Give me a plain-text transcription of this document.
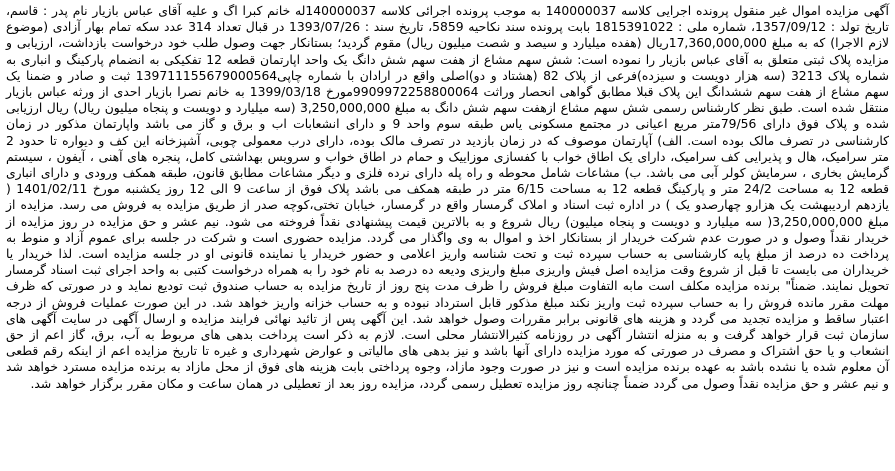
آگهی مزایده اموال غیر منقول پرونده اجرایی کلاسه 140000037 به موجب پرونده اجرائی کلاسه 140000037له خانم کبرا اگ و علیه آقای عباس بازیار نام پدر : قاسم، تاریخ تولد : 1357/09/12، شماره ملی : 1815391022 بابت پرونده سند نکاحیه 5859، تاریخ سند : 1393/07/26 در قبال تعداد 314 عدد سکه تمام بهار آزادی (موضوع لازم الاجرا) که به مبلغ 17,360,000,000ریال (هفده میلیارد و سیصد و شصت میلیون ریال) مقوم گردید؛ بستانکار جهت وصول طلب خود درخواست بازداشت، ارزیابی و مزایده پلاک ثبتی متعلق به آقای عباس بازیار را نموده است: شش سهم مشاع از هفت سهم شش دانگ یک واحد اپارتمان قطعه 12 تفکیکی به انضمام پارکینگ و انباری به شماره پلاک 3213 (سه هزار دویست و سیزده)فرعی از پلاک 82 (هشتاد و دو)اصلی واقع در ارادان با شماره چاپی139711155679000564 ثبت و صادر و ضمنا یک سهم مشاع از هفت سهم ششدانگ این پلاک قبلا مطابق گواهی انحصار وراثت 9909972258800064مورخ 1399/03/18 به خانم نصرا بازیار احدی از ورثه عباس بازیار منتقل شده است. طبق نظر کارشناس رسمی شش سهم مشاع ازهفت سهم شش دانگ به مبلغ 3,250,000,000 (سه میلیارد و دویست و پنجاه میلیون ریال) ریال ارزیابی شده و پلاک فوق دارای 79/56متر مربع اعیانی در مجتمع مسکونی یاس طبقه سوم واحد 9 و دارای انشعابات اب و برق و گاز می باشد واپارتمان مذکور در زمان کارشناسی در تصرف مالک بوده است. الف) آپارتمان موصوف که در زمان بازدید در تصرف مالک بوده، دارای درب معمولی چوبی، آشپزخانه این کف و دیواره تا حدود 2 متر سرامیک، هال و پذیرایی کف سرامیک، دارای یک اطاق خواب با کفسازی موزاییک و حمام در اطاق خواب و سرویس بهداشتی کامل، پنجره های آهنی ، آیفون ، سیستم گرمایش بخاری ، سرمایش کولر آبی می باشد. ب) مشاعات شامل محوطه و راه پله دارای نرده فلزی و دیگر مشاعات مطابق قانون، طبقه همکف ورودی و دارای انباری قطعه 12 به مساحت 24/2 متر و پارکینگ قطعه 12 به مساحت 6/15 متر در طبقه همکف می باشد پلاک فوق از ساعت 9 الی 12 روز یکشنبه مورخ 1401/02/11 ( یازدهم اردیبهشت یک هزارو چهارصدو یک ) در اداره ثبت اسناد و املاک گرمسار واقع در گرمسار، خیابان تختی،کوچه صدر از طریق مزایده به فروش می رسد. مزایده از مبلغ 3,250,000,000( سه میلیارد و دویست و پنجاه میلیون) ریال شروع و به بالاترین قیمت پیشنهادی نقداً فروخته می شود. نیم عشر و حق مزایده در روز مزایده از خریدار نقداً وصول و در صورت عدم شرکت خریدار از بستانکار اخذ و اموال به وی واگذار می گردد. مزایده حضوری است و شرکت در جلسه برای عموم آزاد و منوط به پرداخت ده درصد از مبلغ پایه کارشناسی به حساب سپرده ثبت و تحت شناسه واریز اعلامی و حضور خریدار یا نماینده قانونی او در جلسه مزایده است. لذا خریدار یا خریداران می بایست تا قبل از شروع وقت مزایده اصل فیش واریزی مبلغ واریزی ودیعه ده درصد به نام خود را به همراه درخواست کتبی به واحد اجرای ثبت اسناد گرمسار تحویل نمایند. ضمناً" برنده مزایده مکلف است مابه التفاوت مبلغ فروش را ظرف مدت پنج روز از تاریخ مزایده به حساب صندوق ثبت تودیع نماید و در صورتی که ظرف مهلت مقرر مانده فروش را به حساب سپرده ثبت واریز نکند مبلغ مذکور قابل استرداد نبوده و به حساب خزانه واریز خواهد شد. در این صورت عملیات فروش از درجه اعتبار ساقط و مزایده تجدید می گردد و هزینه های قانونی برابر مقررات وصول خواهد شد. این آگهی پس از تائید نهائی فرایند مزایده و ارسال آگهی در سایت آگهی های سازمان ثبت قرار خواهد گرفت و به منزله انتشار آگهی در روزنامه کثیرالانتشار محلی است. لازم به ذکر است پرداخت بدهی های مربوط به آب، برق، گاز اعم از حق انشعاب و یا حق اشتراک و مصرف در صورتی که مورد مزایده دارای آنها باشد و نیز بدهی های مالیاتی و عوارض شهرداری و غیره تا تاریخ مزایده اعم از اینکه رقم قطعی آن معلوم شده یا نشده باشد به عهده برنده مزایده است و نیز در صورت وجود مازاد، وجوه پرداختی بابت هزینه های فوق از محل مازاد به برنده مزایده مسترد خواهد شد و نیم عشر و حق مزایده نقداً وصول می گردد ضمناً چنانچه روز مزایده تعطیل رسمی گردد، مزایده روز بعد از تعطیلی در همان ساعت و مکان مقرر برگزار خواهد شد.
